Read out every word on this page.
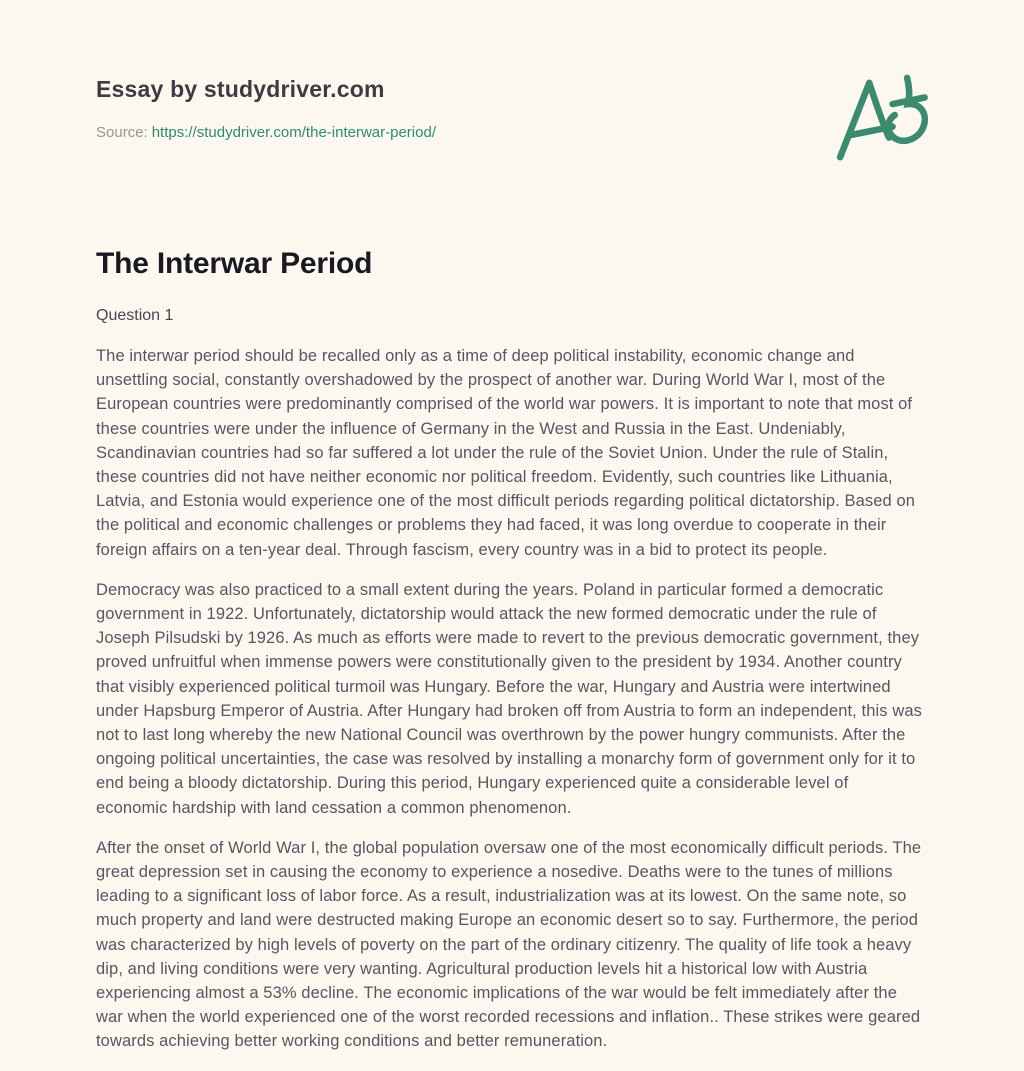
Essay by studydriver.com
Source: https://studydriver.com/the-interwar-period/
The Interwar Period
Question 1

The interwar period should be recalled only as a time of deep political instability, economic change and unsettling social, constantly overshadowed by the prospect of another war. During World War I, most of the European countries were predominantly comprised of the world war powers. It is important to note that most of these countries were under the influence of Germany in the West and Russia in the East. Undeniably, Scandinavian countries had so far suffered a lot under the rule of the Soviet Union. Under the rule of Stalin, these countries did not have neither economic nor political freedom. Evidently, such countries like Lithuania, Latvia, and Estonia would experience one of the most difficult periods regarding political dictatorship. Based on the political and economic challenges or problems they had faced, it was long overdue to cooperate in their foreign affairs on a ten-year deal. Through fascism, every country was in a bid to protect its people.

Democracy was also practiced to a small extent during the years. Poland in particular formed a democratic government in 1922. Unfortunately, dictatorship would attack the new formed democratic under the rule of Joseph Pilsudski by 1926. As much as efforts were made to revert to the previous democratic government, they proved unfruitful when immense powers were constitutionally given to the president by 1934. Another country that visibly experienced political turmoil was Hungary. Before the war, Hungary and Austria were intertwined under Hapsburg Emperor of Austria. After Hungary had broken off from Austria to form an independent, this was not to last long whereby the new National Council was overthrown by the power hungry communists. After the ongoing political uncertainties, the case was resolved by installing a monarchy form of government only for it to end being a bloody dictatorship. During this period, Hungary experienced quite a considerable level of economic hardship with land cessation a common phenomenon.

After the onset of World War I, the global population oversaw one of the most economically difficult periods. The great depression set in causing the economy to experience a nosedive. Deaths were to the tunes of millions leading to a significant loss of labor force. As a result, industrialization was at its lowest. On the same note, so much property and land were destructed making Europe an economic desert so to say. Furthermore, the period was characterized by high levels of poverty on the part of the ordinary citizenry. The quality of life took a heavy dip, and living conditions were very wanting. Agricultural production levels hit a historical low with Austria experiencing almost a 53% decline. The economic implications of the war would be felt immediately after the war when the world experienced one of the worst recorded recessions and inflation.. These strikes were geared towards achieving better working conditions and better remuneration.
